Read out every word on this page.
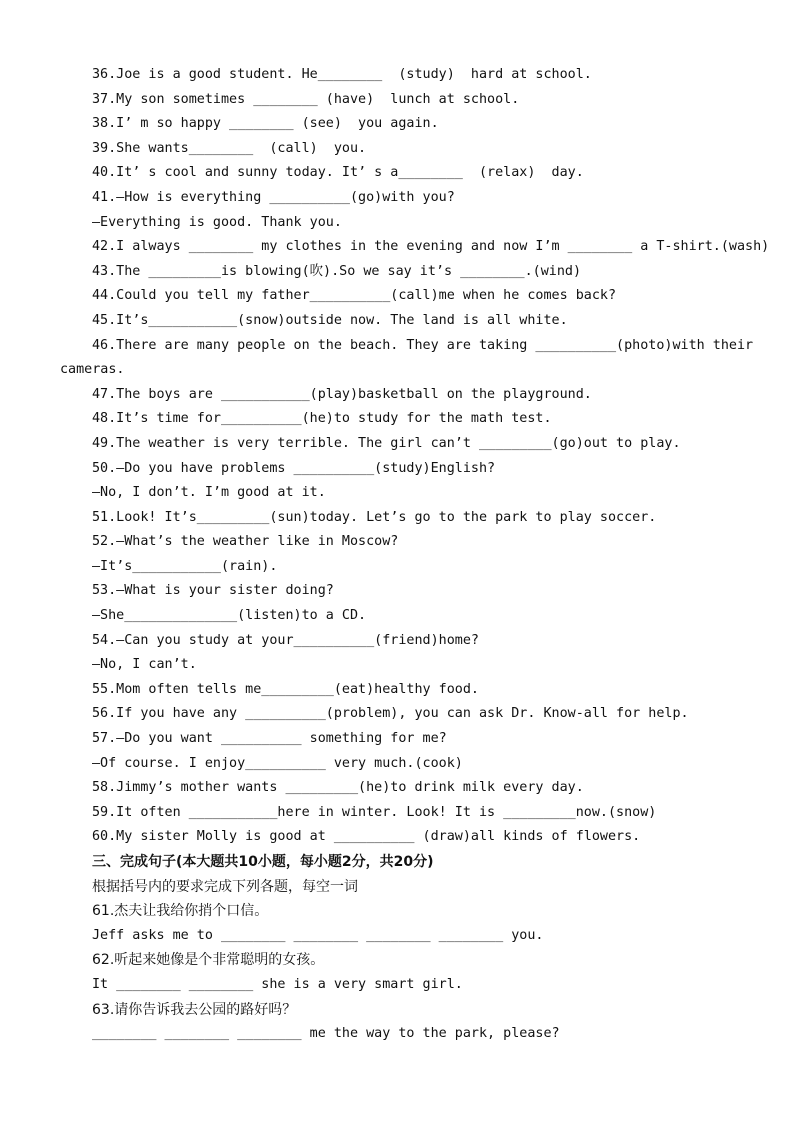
36.Joe is a good student. He________  (study)  hard at school.
37.My son sometimes ________ (have)  lunch at school.
38.I’ m so happy ________ (see)  you again.
39.She wants________  (call)  you.
40.It’ s cool and sunny today. It’ s a________  (relax)  day.
41.—How is everything __________(go)with you?
—Everything is good. Thank you.
42.I always ________ my clothes in the evening and now I’m ________ a T-shirt.(wash)
43.The _________is blowing(吹).So we say it’s ________.(wind)
44.Could you tell my father__________(call)me when he comes back?
45.It’s___________(snow)outside now. The land is all white.
46.There are many people on the beach. They are taking __________(photo)with their
cameras.
47.The boys are ___________(play)basketball on the playground.
48.It’s time for__________(he)to study for the math test.
49.The weather is very terrible. The girl can’t _________(go)out to play.
50.—Do you have problems __________(study)English?
—No, I don’t. I’m good at it.
51.Look! It’s_________(sun)today. Let’s go to the park to play soccer.
52.—What’s the weather like in Moscow?
—It’s___________(rain).
53.—What is your sister doing?
—She______________(listen)to a CD.
54.—Can you study at your__________(friend)home?
—No, I can’t.
55.Mom often tells me_________(eat)healthy food.
56.If you have any __________(problem), you can ask Dr. Know-all for help.
57.—Do you want __________ something for me?
—Of course. I enjoy__________ very much.(cook)
58.Jimmy’s mother wants _________(he)to drink milk every day.
59.It often ___________here in winter. Look! It is _________now.(snow)
60.My sister Molly is good at __________ (draw)all kinds of flowers.
三、完成句子(本大题共10小题，每小题2分，共20分)
根据括号内的要求完成下列各题，每空一词
61.杰夫让我给你捎个口信。
Jeff asks me to ________ ________ ________ ________ you.
62.听起来她像是个非常聪明的女孩。
It ________ ________ she is a very smart girl.
63.请你告诉我去公园的路好吗？
________ ________ ________ me the way to the park, please?
